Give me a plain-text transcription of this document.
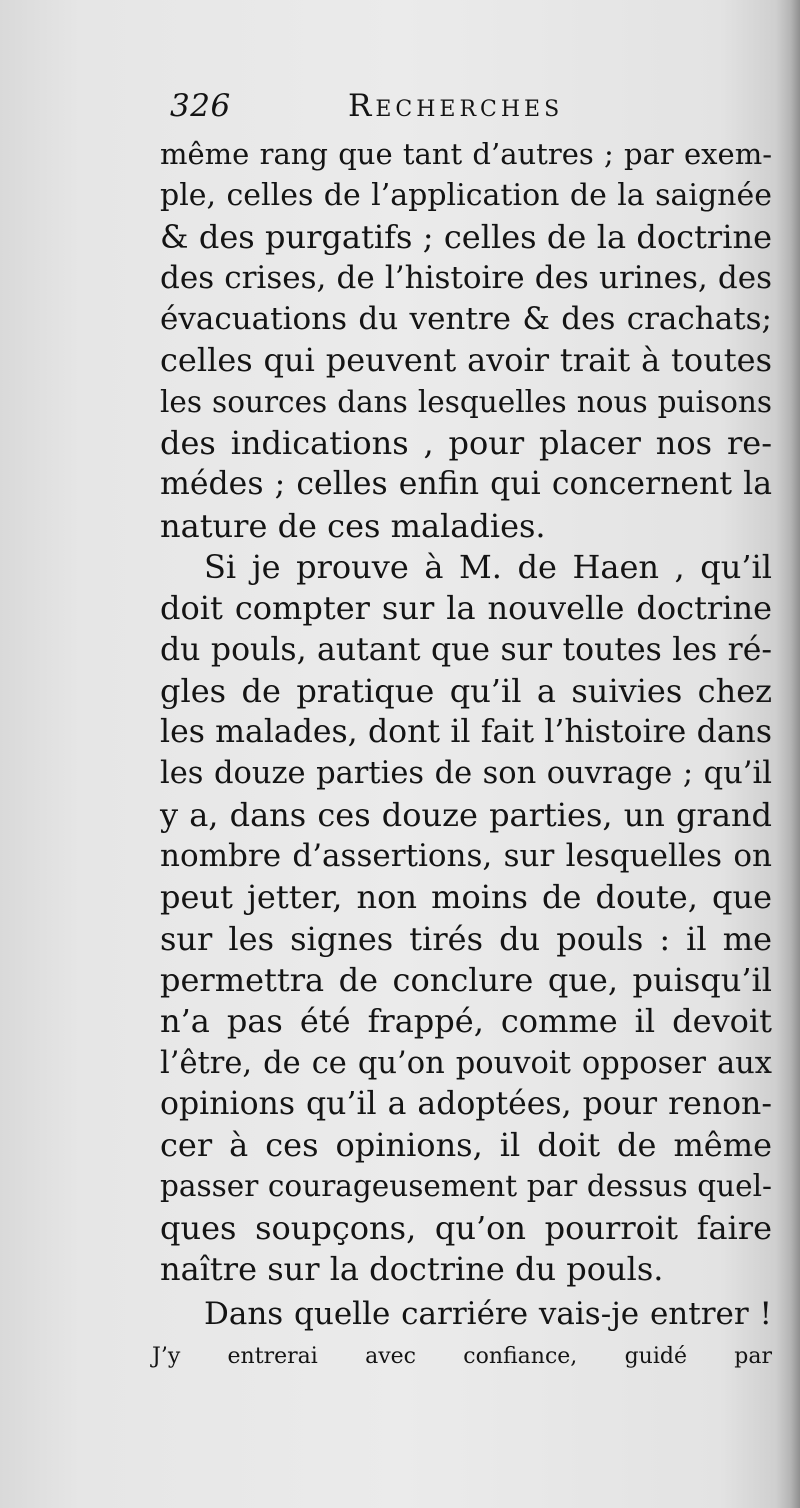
326	Recherches
même rang que tant d’autres ; par exem-
ple, celles de l’application de la saignée
& des purgatifs ; celles de la doctrine
des crises, de l’histoire des urines, des
évacuations du ventre & des crachats;
celles qui peuvent avoir trait à toutes
les sources dans lesquelles nous puisons
des indications , pour placer nos re-
médes ; celles enfin qui concernent la
nature de ces maladies.
Si je prouve à M. de Haen , qu’il
doit compter sur la nouvelle doctrine
du pouls, autant que sur toutes les ré-
gles de pratique qu’il a suivies chez
les malades, dont il fait l’histoire dans
les douze parties de son ouvrage ; qu’il
y a, dans ces douze parties, un grand
nombre d’assertions, sur lesquelles on
peut jetter, non moins de doute, que
sur les signes tirés du pouls : il me
permettra de conclure que, puisqu’il
n’a pas été frappé, comme il devoit
l’être, de ce qu’on pouvoit opposer aux
opinions qu’il a adoptées, pour renon-
cer à ces opinions, il doit de même
passer courageusement par dessus quel-
ques soupçons, qu’on pourroit faire
naître sur la doctrine du pouls.
Dans quelle carriére vais-je entrer !
J’y entrerai avec confiance, guidé par
